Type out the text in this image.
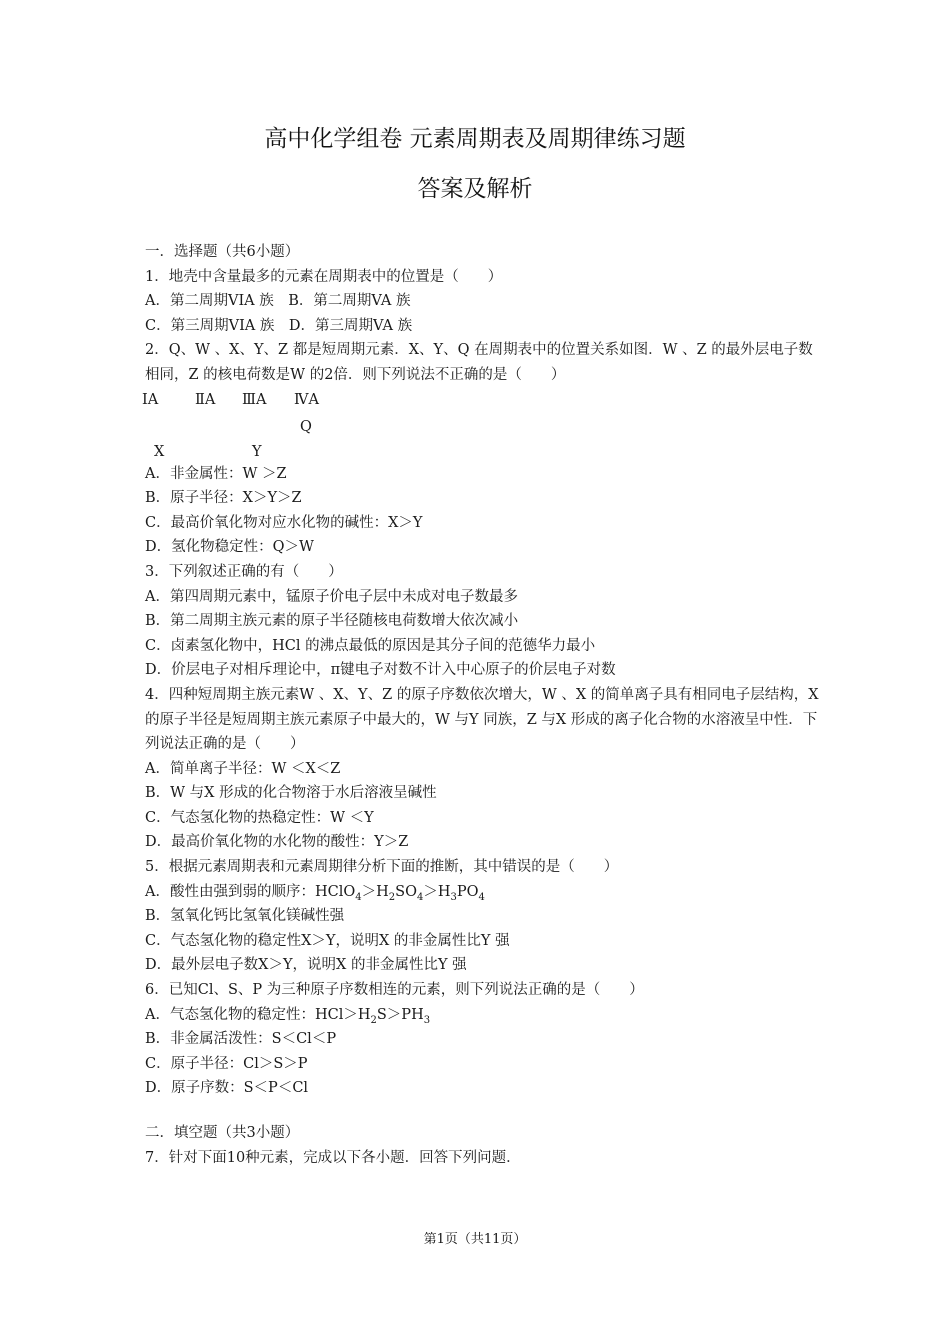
高中化学组卷 元素周期表及周期律练习题
答案及解析
一．选择题（共6小题）
1．地壳中含量最多的元素在周期表中的位置是（　　）
A．第二周期VIA 族　B．第二周期VA 族
C．第三周期VIA 族　D．第三周期VA 族
2．Q、W 、X、Y、Z 都是短周期元素．X、Y、Q 在周期表中的位置关系如图．W 、Z 的最外层电子数相同，Z 的核电荷数是W 的2倍．则下列说法不正确的是（　　）
ⅠA	ⅡA ⅢA ⅣA
Q
X	Y
A．非金属性：W ＞Z
B．原子半径：X＞Y＞Z
C．最高价氧化物对应水化物的碱性：X＞Y
D．氢化物稳定性：Q＞W
3．下列叙述正确的有（　　）
A．第四周期元素中，锰原子价电子层中未成对电子数最多
B．第二周期主族元素的原子半径随核电荷数增大依次减小
C．卤素氢化物中，HCl 的沸点最低的原因是其分子间的范德华力最小
D．价层电子对相斥理论中，π键电子对数不计入中心原子的价层电子对数
4．四种短周期主族元素W 、X、Y、Z 的原子序数依次增大，W 、X 的简单离子具有相同电子层结构，X 的原子半径是短周期主族元素原子中最大的，W 与Y 同族，Z 与X 形成的离子化合物的水溶液呈中性．下列说法正确的是（　　）
A．简单离子半径：W ＜X＜Z
B．W 与X 形成的化合物溶于水后溶液呈碱性
C．气态氢化物的热稳定性：W ＜Y
D．最高价氧化物的水化物的酸性：Y＞Z
5．根据元素周期表和元素周期律分析下面的推断，其中错误的是（　　）
A．酸性由强到弱的顺序：$HClO_4>H_2SO_4>H_3PO_4$
B．氢氧化钙比氢氧化镁碱性强
C．气态氢化物的稳定性X＞Y，说明X 的非金属性比Y 强
D．最外层电子数X＞Y，说明X 的非金属性比Y 强
6．已知Cl、S、P 为三种原子序数相连的元素，则下列说法正确的是（　　）
A．气态氢化物的稳定性：$HCl>H_2S>PH_3$
B．非金属活泼性：S＜Cl＜P
C．原子半径：Cl＞S＞P
D．原子序数：S＜P＜Cl
二．填空题（共3小题）
7．针对下面10种元素，完成以下各小题．回答下列问题．
第1页（共11页）
